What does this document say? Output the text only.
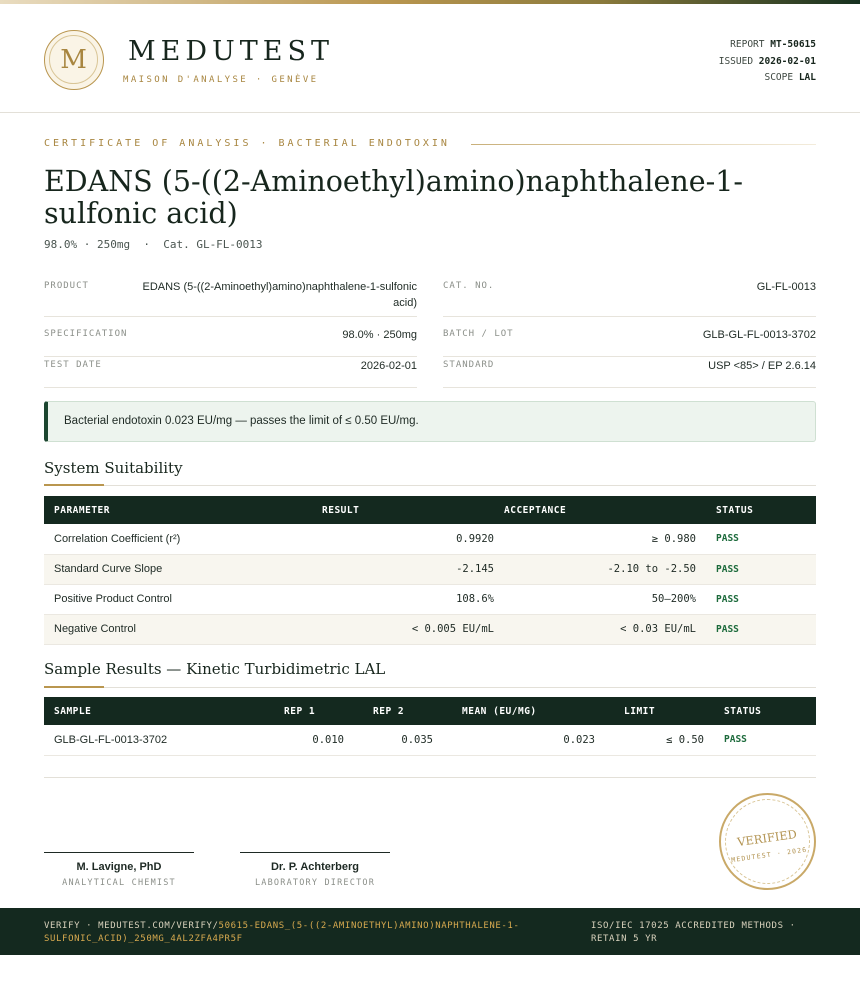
M	MEDUTEST
MAISON D'ANALYSE · GENÈVE
REPORT MT-50615
ISSUED 2026-02-01
SCOPE LAL
CERTIFICATE OF ANALYSIS · BACTERIAL ENDOTOXIN
EDANS (5-((2-Aminoethyl)amino)naphthalene-1-sulfonic acid)
98.0% · 250mg  ·  Cat. GL-FL-0013
PRODUCT	EDANS (5-((2-Aminoethyl)amino)naphthalene-1-sulfonic acid)
CAT. NO.	GL-FL-0013
SPECIFICATION	98.0% · 250mg	BATCH / LOT	GLB-GL-FL-0013-3702
TEST DATE	2026-02-01	STANDARD	USP <85> / EP 2.6.14
Bacterial endotoxin 0.023 EU/mg — passes the limit of ≤ 0.50 EU/mg.
System Suitability
PARAMETER	RESULT	ACCEPTANCE	STATUS
Correlation Coefficient (r²)	0.9920	≥ 0.980	PASS
Standard Curve Slope	-2.145	-2.10 to -2.50	PASS
Positive Product Control	108.6%	50–200%	PASS
Negative Control	< 0.005 EU/mL	< 0.03 EU/mL	PASS
Sample Results — Kinetic Turbidimetric LAL
SAMPLE	REP 1	REP 2	MEAN (EU/MG)	LIMIT	STATUS
GLB-GL-FL-0013-3702	0.010	0.035	0.023	≤ 0.50	PASS
M. Lavigne, PhD
ANALYTICAL CHEMIST
Dr. P. Achterberg
LABORATORY DIRECTOR
VERIFIED
MEDUTEST · 2026
VERIFY · MEDUTEST.COM/VERIFY/50615-EDANS_(5-((2-AMINOETHYL)AMINO)NAPHTHALENE-1-SULFONIC_ACID)_250MG_4AL2ZFA4PR5F
ISO/IEC 17025 ACCREDITED METHODS · RETAIN 5 YR
